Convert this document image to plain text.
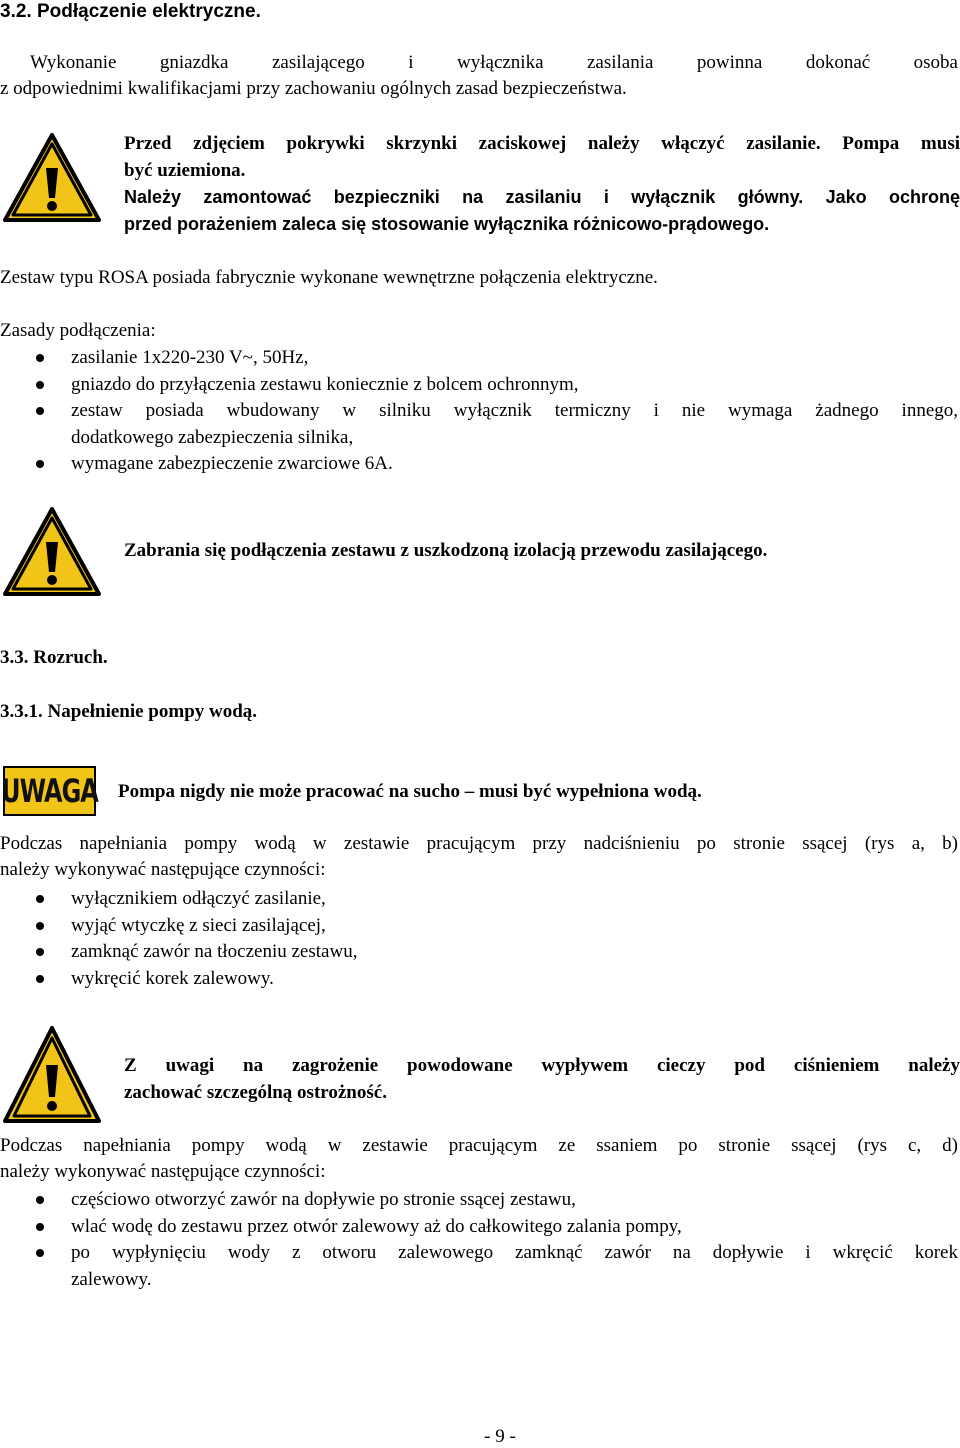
3.2. Podłączenie elektryczne.
Wykonanie gniazdka zasilającego i wyłącznika zasilania powinna dokonać osoba
z odpowiednimi kwalifikacjami przy zachowaniu ogólnych zasad bezpieczeństwa.
Przed zdjęciem pokrywki skrzynki zaciskowej należy włączyć zasilanie. Pompa musi
być uziemiona.
Należy zamontować bezpieczniki na zasilaniu i wyłącznik główny. Jako ochronę
przed porażeniem zaleca się stosowanie wyłącznika różnicowo-prądowego.
Zestaw typu ROSA posiada fabrycznie wykonane wewnętrzne połączenia elektryczne.
Zasady podłączenia:
zasilanie 1x220-230 V~, 50Hz,
gniazdo do przyłączenia zestawu koniecznie z bolcem ochronnym,
zestaw posiada wbudowany w silniku wyłącznik termiczny i nie wymaga żadnego innego,
dodatkowego zabezpieczenia silnika,
wymagane zabezpieczenie zwarciowe 6A.
Zabrania się podłączenia zestawu z uszkodzoną izolacją przewodu zasilającego.
3.3. Rozruch.
3.3.1. Napełnienie pompy wodą.
UWAGA Pompa nigdy nie może pracować na sucho – musi być wypełniona wodą.
Podczas napełniania pompy wodą w zestawie pracującym przy nadciśnieniu po stronie ssącej (rys a, b)
należy wykonywać następujące czynności:
wyłącznikiem odłączyć zasilanie,
wyjąć wtyczkę z sieci zasilającej,
zamknąć zawór na tłoczeniu zestawu,
wykręcić korek zalewowy.
Z uwagi na zagrożenie powodowane wypływem cieczy pod ciśnieniem należy
zachować szczególną ostrożność.
Podczas napełniania pompy wodą w zestawie pracującym ze ssaniem po stronie ssącej (rys c, d)
należy wykonywać następujące czynności:
częściowo otworzyć zawór na dopływie po stronie ssącej zestawu,
wlać wodę do zestawu przez otwór zalewowy aż do całkowitego zalania pompy,
po wypłynięciu wody z otworu zalewowego zamknąć zawór na dopływie i wkręcić korek
zalewowy.
- 9 -
